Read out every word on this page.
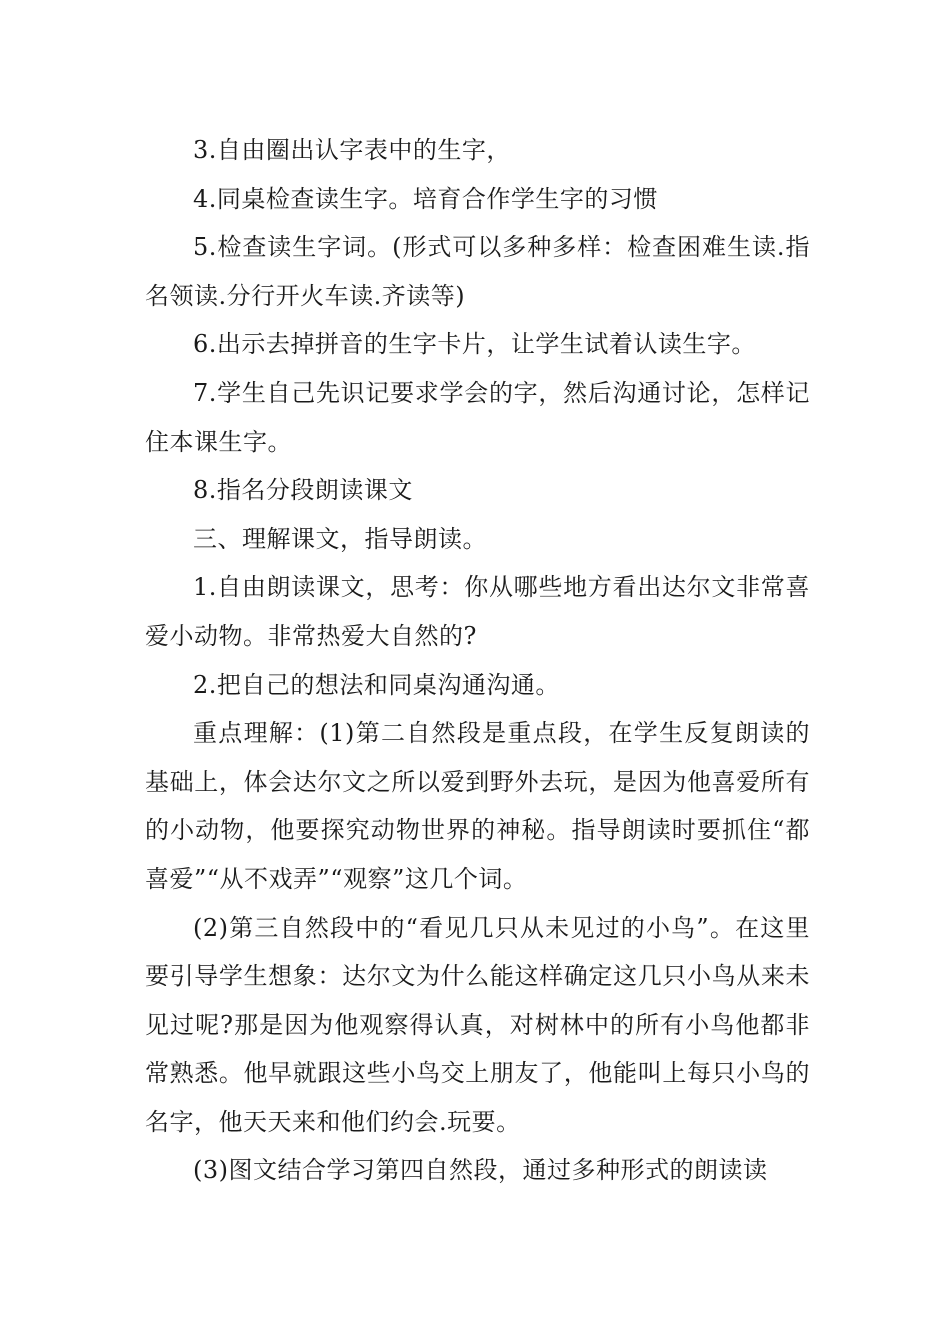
3.自由圈出认字表中的生字，

4.同桌检查读生字。培育合作学生字的习惯

5.检查读生字词。(形式可以多种多样：检查困难生读.指名领读.分行开火车读.齐读等)

6.出示去掉拼音的生字卡片，让学生试着认读生字。

7.学生自己先识记要求学会的字，然后沟通讨论，怎样记住本课生字。

8.指名分段朗读课文

三、理解课文，指导朗读。

1.自由朗读课文，思考：你从哪些地方看出达尔文非常喜爱小动物。非常热爱大自然的?

2.把自己的想法和同桌沟通沟通。

重点理解：(1)第二自然段是重点段，在学生反复朗读的基础上，体会达尔文之所以爱到野外去玩，是因为他喜爱所有的小动物，他要探究动物世界的神秘。指导朗读时要抓住“都喜爱”“从不戏弄”“观察”这几个词。

(2)第三自然段中的“看见几只从未见过的小鸟”。在这里要引导学生想象：达尔文为什么能这样确定这几只小鸟从来未见过呢?那是因为他观察得认真，对树林中的所有小鸟他都非常熟悉。他早就跟这些小鸟交上朋友了，他能叫上每只小鸟的名字，他天天来和他们约会.玩要。

(3)图文结合学习第四自然段，通过多种形式的朗读读
